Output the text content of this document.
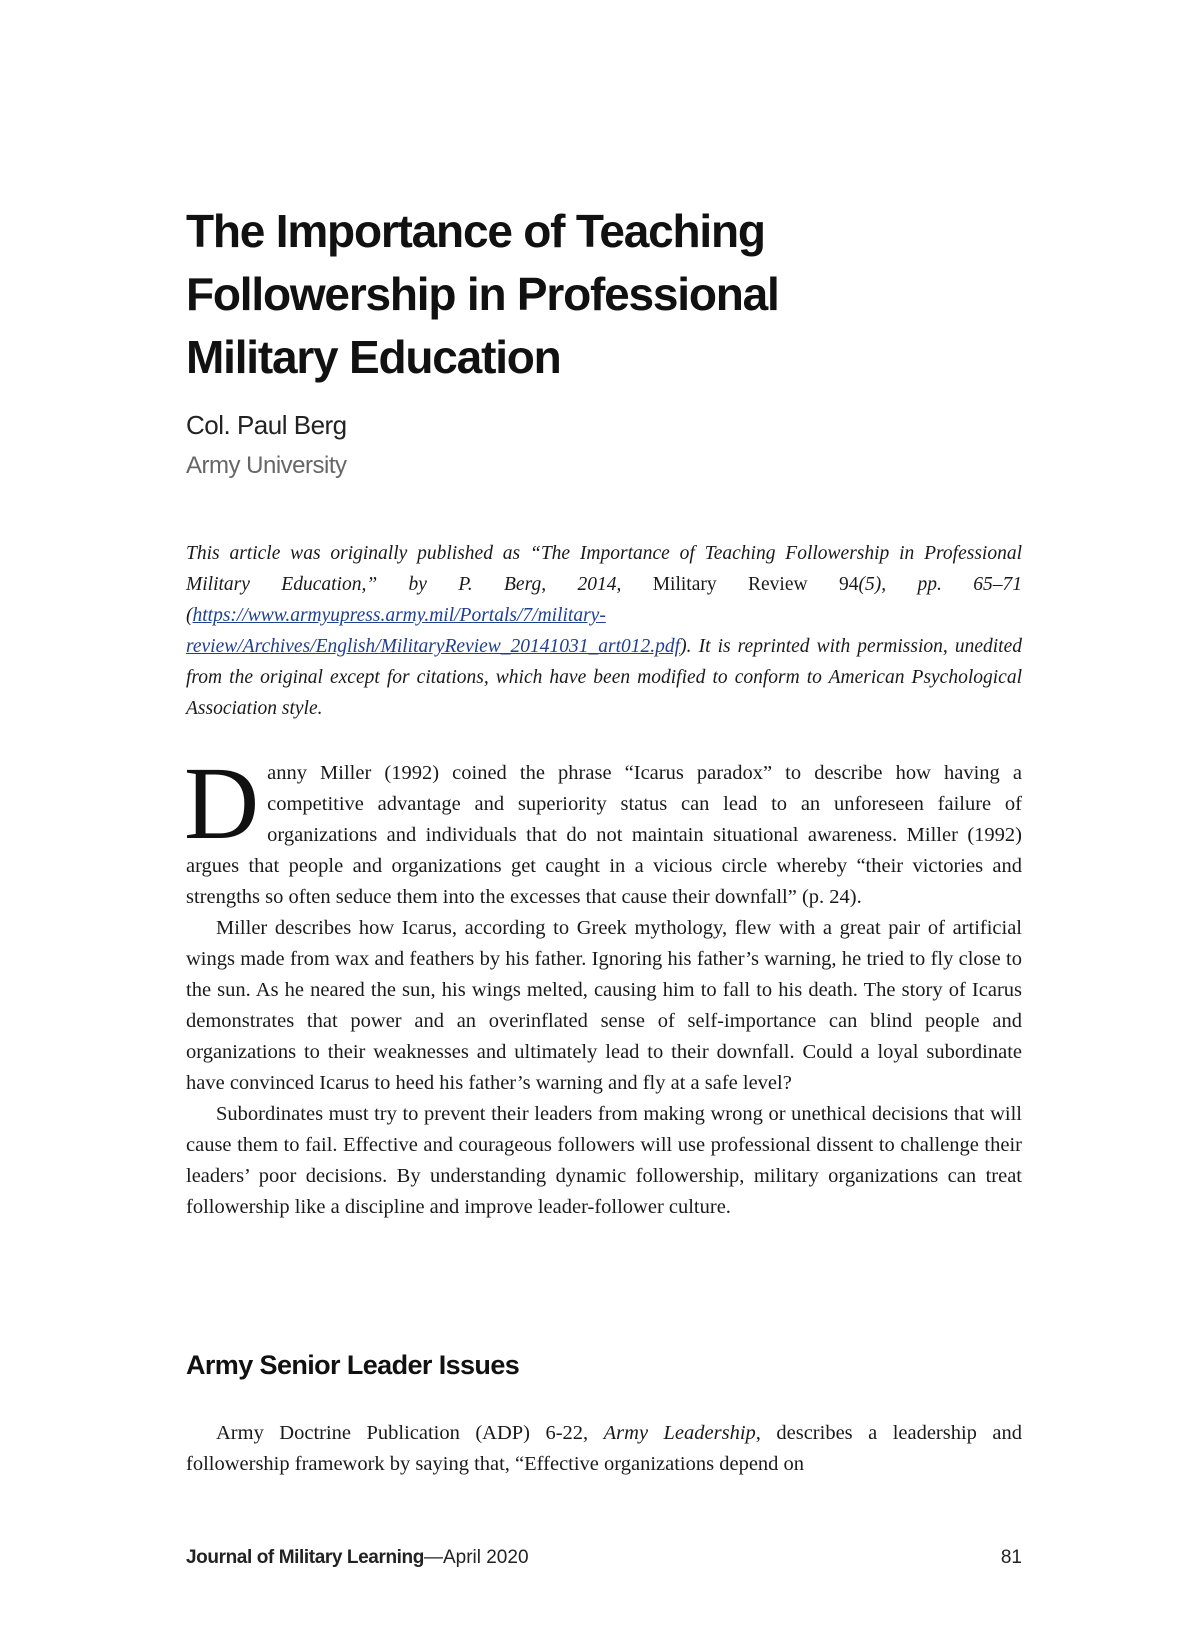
The Importance of Teaching
Followership in Professional
Military Education
Col. Paul Berg
Army University
This article was originally published as “The Importance of Teaching Followership in Professional Military Education,” by P. Berg, 2014, Military Review 94(5), pp. 65–71 (https://www.armyupress.army.mil/Portals/7/military-review/Archives/English/MilitaryReview_20141031_art012.pdf). It is reprinted with permission, unedited from the original except for citations, which have been modified to conform to American Psychological Association style.

Danny Miller (1992) coined the phrase “Icarus paradox” to describe how having a competitive advantage and superiority status can lead to an unforeseen failure of organizations and individuals that do not maintain situational awareness. Miller (1992) argues that people and organizations get caught in a vicious circle whereby “their victories and strengths so often seduce them into the excesses that cause their downfall” (p. 24).

Miller describes how Icarus, according to Greek mythology, flew with a great pair of artificial wings made from wax and feathers by his father. Ignoring his father’s warning, he tried to fly close to the sun. As he neared the sun, his wings melted, causing him to fall to his death. The story of Icarus demonstrates that power and an overinflated sense of self-importance can blind people and organizations to their weaknesses and ultimately lead to their downfall. Could a loyal subordinate have convinced Icarus to heed his father’s warning and fly at a safe level?

Subordinates must try to prevent their leaders from making wrong or unethical decisions that will cause them to fail. Effective and courageous followers will use professional dissent to challenge their leaders’ poor decisions. By understanding dynamic followership, military organizations can treat followership like a discipline and improve leader-follower culture.

Army Senior Leader Issues

Army Doctrine Publication (ADP) 6-22, Army Leadership, describes a leadership and followership framework by saying that, “Effective organizations depend on

Journal of Military Learning—April 2020	81
